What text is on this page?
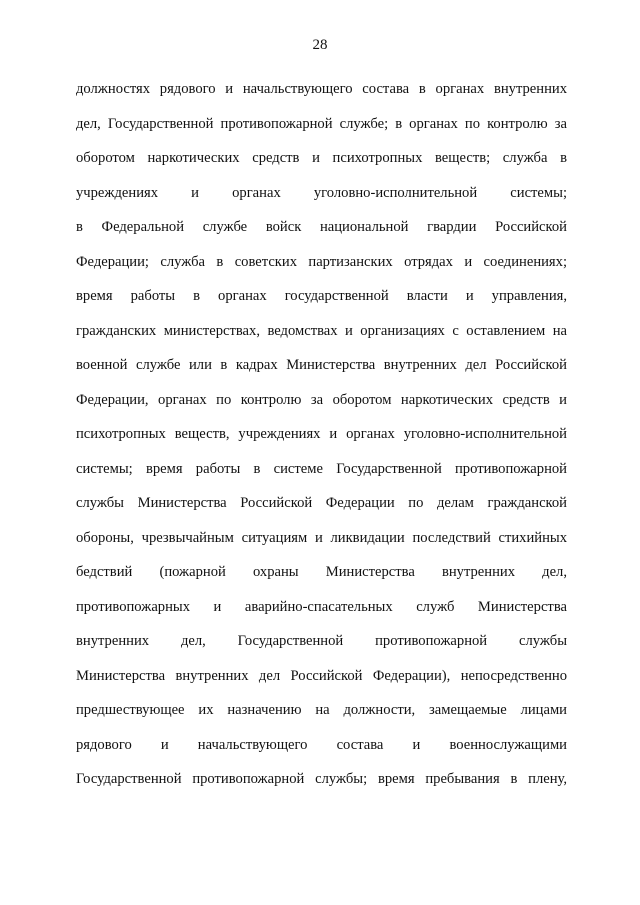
28
должностях рядового и начальствующего состава в органах внутренних
дел, Государственной противопожарной службе; в органах по контролю за
оборотом наркотических средств и психотропных веществ; служба в
учреждениях и органах уголовно-исполнительной системы;
в Федеральной службе войск национальной гвардии Российской
Федерации; служба в советских партизанских отрядах и соединениях;
время работы в органах государственной власти и управления,
гражданских министерствах, ведомствах и организациях с оставлением на
военной службе или в кадрах Министерства внутренних дел Российской
Федерации, органах по контролю за оборотом наркотических средств и
психотропных веществ, учреждениях и органах уголовно-исполнительной
системы; время работы в системе Государственной противопожарной
службы Министерства Российской Федерации по делам гражданской
обороны, чрезвычайным ситуациям и ликвидации последствий стихийных
бедствий (пожарной охраны Министерства внутренних дел,
противопожарных и аварийно-спасательных служб Министерства
внутренних дел, Государственной противопожарной службы
Министерства внутренних дел Российской Федерации), непосредственно
предшествующее их назначению на должности, замещаемые лицами
рядового и начальствующего состава и военнослужащими
Государственной противопожарной службы; время пребывания в плену,
